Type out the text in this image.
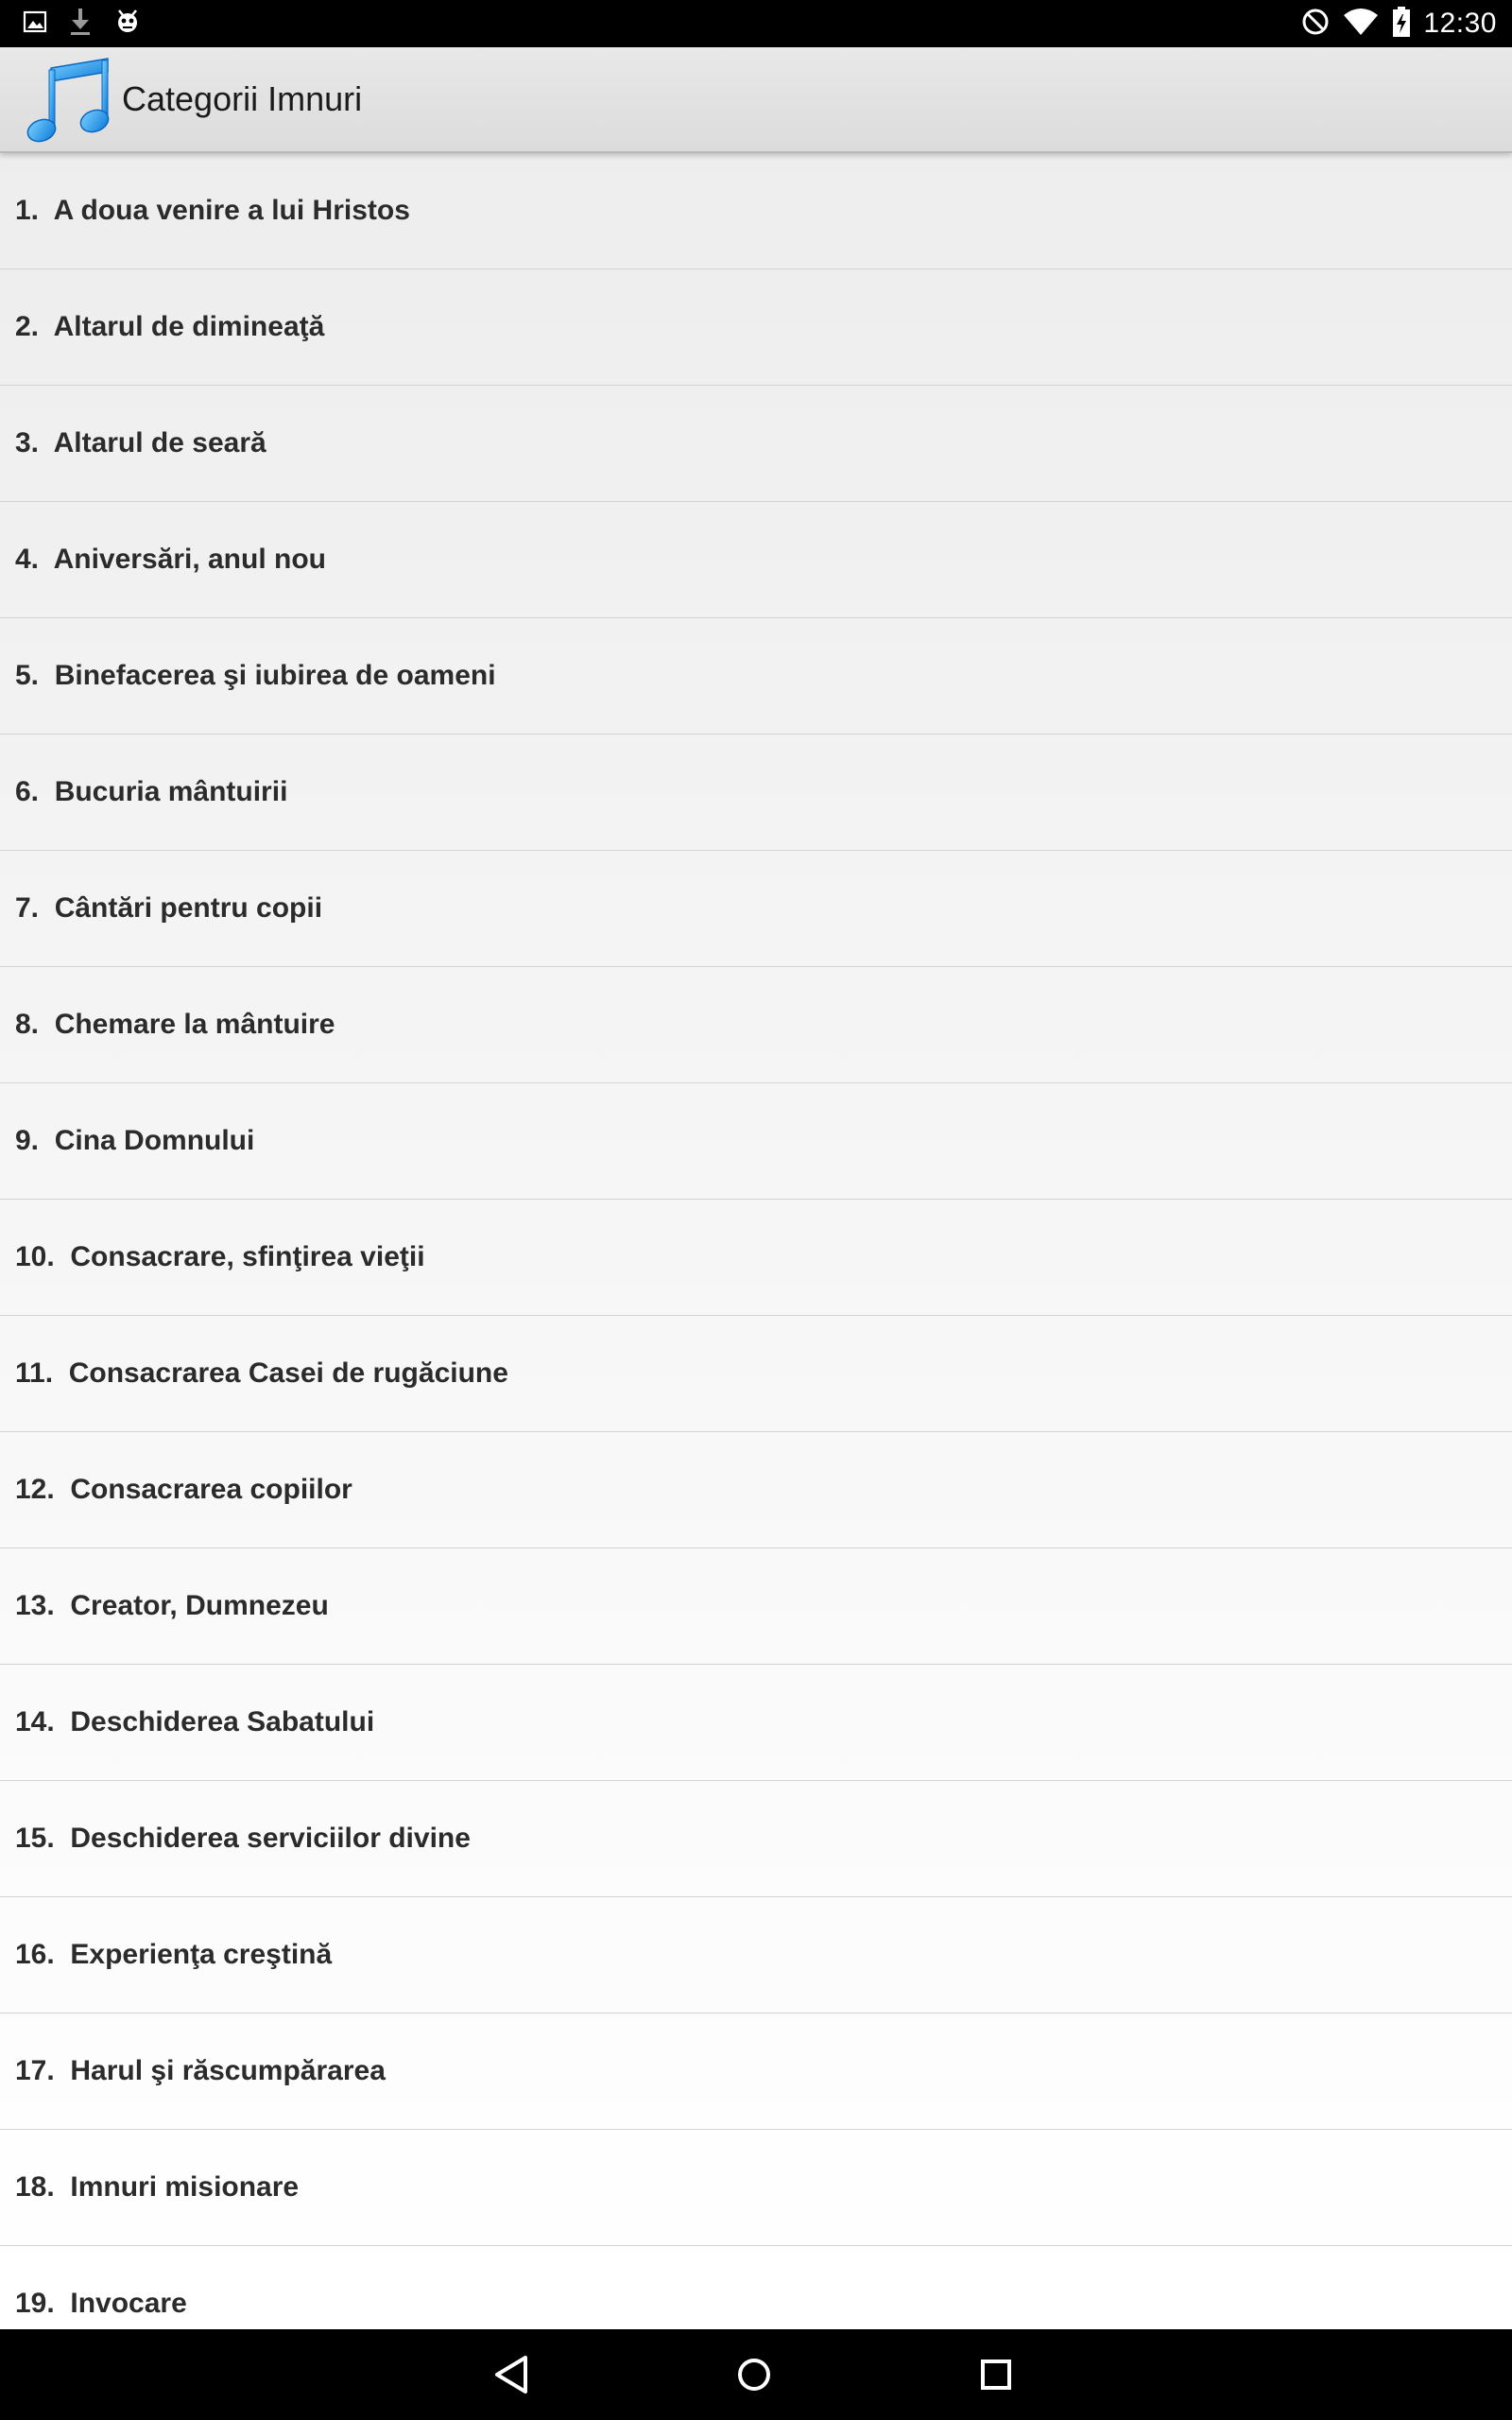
12:30
Categorii Imnuri
1.  A doua venire a lui Hristos
2.  Altarul de dimineaţă
3.  Altarul de seară
4.  Aniversări, anul nou
5.  Binefacerea şi iubirea de oameni
6.  Bucuria mântuirii
7.  Cântări pentru copii
8.  Chemare la mântuire
9.  Cina Domnului
10.  Consacrare, sfinţirea vieţii
11.  Consacrarea Casei de rugăciune
12.  Consacrarea copiilor
13.  Creator, Dumnezeu
14.  Deschiderea Sabatului
15.  Deschiderea serviciilor divine
16.  Experienţa creştină
17.  Harul şi răscumpărarea
18.  Imnuri misionare
19.  Invocare
